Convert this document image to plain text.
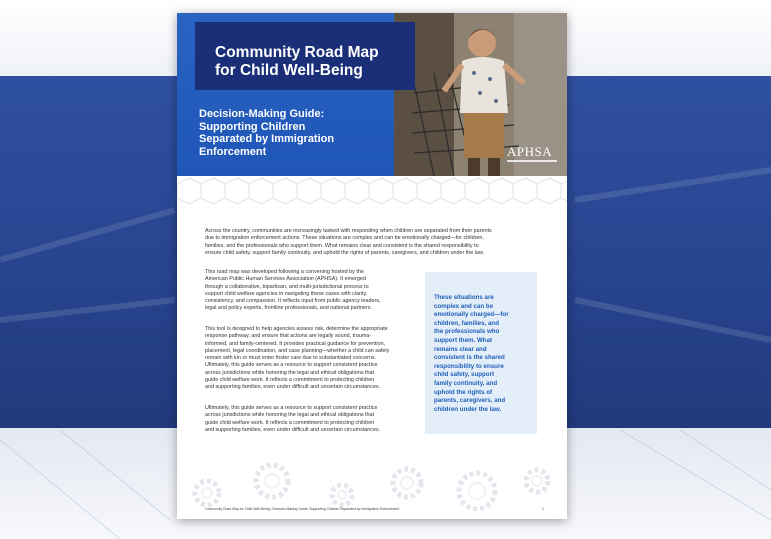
Community Road Map

for Child Well-Being

Decision-Making Guide:
Supporting Children
Separated by Immigration
Enforcement	APHSA

Across the country, communities are increasingly tasked with responding when children are separated from their parents
due to immigration enforcement actions. These situations are complex and can be emotionally charged—for children,
families, and the professionals who support them. What remains clear and consistent is the shared responsibility to
ensure child safety, support family continuity, and uphold the rights of parents, caregivers, and children under the law.

This road map was developed following a convening hosted by the
American Public Human Services Association (APHSA). It emerged
through a collaborative, bipartisan, and multi-jurisdictional process to
support child welfare agencies in navigating these cases with clarity,
consistency, and compassion. It reflects input from public agency leaders,
legal and policy experts, frontline professionals, and national partners.

This tool is designed to help agencies assess risk, determine the appropriate
response pathway, and ensure that actions are legally sound, trauma-
informed, and family-centered. It provides practical guidance for prevention,
placement, legal coordination, and case planning—whether a child can safely
remain with kin or must enter foster care due to substantiated concerns.
Ultimately, this guide serves as a resource to support consistent practice
across jurisdictions while honoring the legal and ethical obligations that
guide child welfare work. It reflects a commitment to protecting children
and supporting families, even under difficult and uncertain circumstances.

Ultimately, this guide serves as a resource to support consistent practice
across jurisdictions while honoring the legal and ethical obligations that
guide child welfare work. It reflects a commitment to protecting children
and supporting families, even under difficult and uncertain circumstances.

These situations are
complex and can be
emotionally charged—for
children, families, and
the professionals who
support them. What
remains clear and
consistent is the shared
responsibility to ensure
child safety, support
family continuity, and
uphold the rights of
parents, caregivers, and
children under the law.

Community Road Map for Child Well-Being | Decision-Making Guide: Supporting Children Separated by Immigration Enforcement	1
